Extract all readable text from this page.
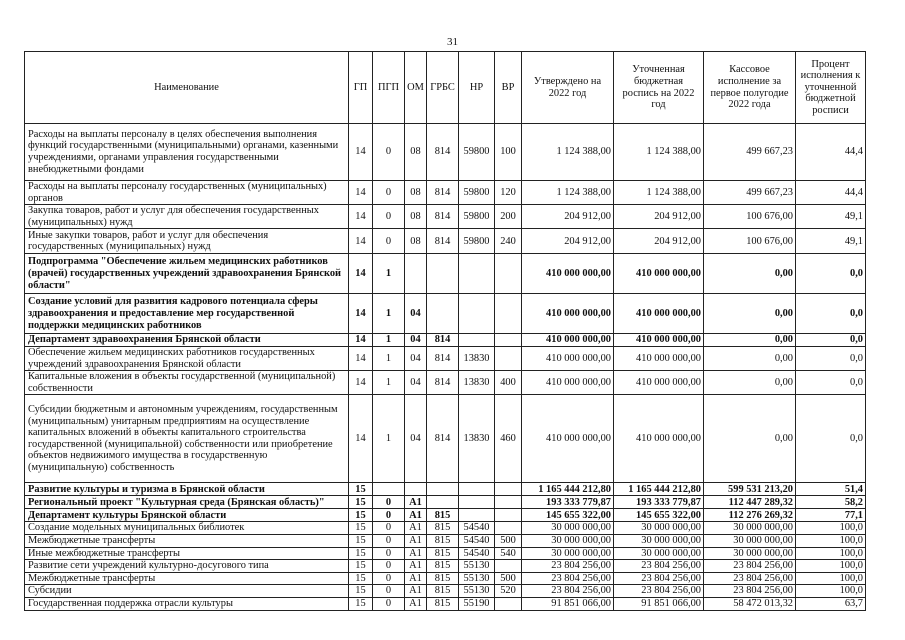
31
Наименование	ГП	ПГП	ОМ	ГРБС	НР	ВР	Утверждено на 2022 год	Уточненная бюджетная роспись на 2022 год	Кассовое исполнение за первое полугодие 2022 года	Процент исполнения к уточненной бюджетной росписи
Расходы на выплаты персоналу в целях обеспечения выполнения функций государственными (муниципальными) органами, казенными учреждениями, органами управления государственными внебюджетными фондами	14	0	08	814	59800	100	1 124 388,00	1 124 388,00	499 667,23	44,4
Расходы на выплаты персоналу государственных (муниципальных) органов	14	0	08	814	59800	120	1 124 388,00	1 124 388,00	499 667,23	44,4
Закупка товаров, работ и услуг для обеспечения государственных (муниципальных) нужд	14	0	08	814	59800	200	204 912,00	204 912,00	100 676,00	49,1
Иные закупки товаров, работ и услуг для обеспечения государственных (муниципальных) нужд	14	0	08	814	59800	240	204 912,00	204 912,00	100 676,00	49,1
Подпрограмма "Обеспечение жильем медицинских работников (врачей) государственных учреждений здравоохранения Брянской области"	14	1					410 000 000,00	410 000 000,00	0,00	0,0
Создание условий для развития кадрового потенциала сферы здравоохранения и предоставление мер государственной поддержки медицинских работников	14	1	04				410 000 000,00	410 000 000,00	0,00	0,0
Департамент здравоохранения Брянской области	14	1	04	814			410 000 000,00	410 000 000,00	0,00	0,0
Обеспечение жильем медицинских работников государственных учреждений здравоохранения Брянской области	14	1	04	814	13830		410 000 000,00	410 000 000,00	0,00	0,0
Капитальные вложения в объекты государственной (муниципальной) собственности	14	1	04	814	13830	400	410 000 000,00	410 000 000,00	0,00	0,0
Субсидии бюджетным и автономным учреждениям, государственным (муниципальным) унитарным предприятиям на осуществление капитальных вложений в объекты капитального строительства государственной (муниципальной) собственности или приобретение объектов недвижимого имущества в государственную (муниципальную) собственность	14	1	04	814	13830	460	410 000 000,00	410 000 000,00	0,00	0,0
Развитие культуры и туризма в Брянской области	15						1 165 444 212,80	1 165 444 212,80	599 531 213,20	51,4
Региональный проект "Культурная среда (Брянская область)"	15	0	A1				193 333 779,87	193 333 779,87	112 447 289,32	58,2
Департамент культуры Брянской области	15	0	A1	815			145 655 322,00	145 655 322,00	112 276 269,32	77,1
Создание модельных муниципальных библиотек	15	0	A1	815	54540		30 000 000,00	30 000 000,00	30 000 000,00	100,0
Межбюджетные трансферты	15	0	A1	815	54540	500	30 000 000,00	30 000 000,00	30 000 000,00	100,0
Иные межбюджетные трансферты	15	0	A1	815	54540	540	30 000 000,00	30 000 000,00	30 000 000,00	100,0
Развитие сети учреждений культурно-досугового типа	15	0	A1	815	55130		23 804 256,00	23 804 256,00	23 804 256,00	100,0
Межбюджетные трансферты	15	0	A1	815	55130	500	23 804 256,00	23 804 256,00	23 804 256,00	100,0
Субсидии	15	0	A1	815	55130	520	23 804 256,00	23 804 256,00	23 804 256,00	100,0
Государственная поддержка отрасли культуры	15	0	A1	815	55190		91 851 066,00	91 851 066,00	58 472 013,32	63,7
